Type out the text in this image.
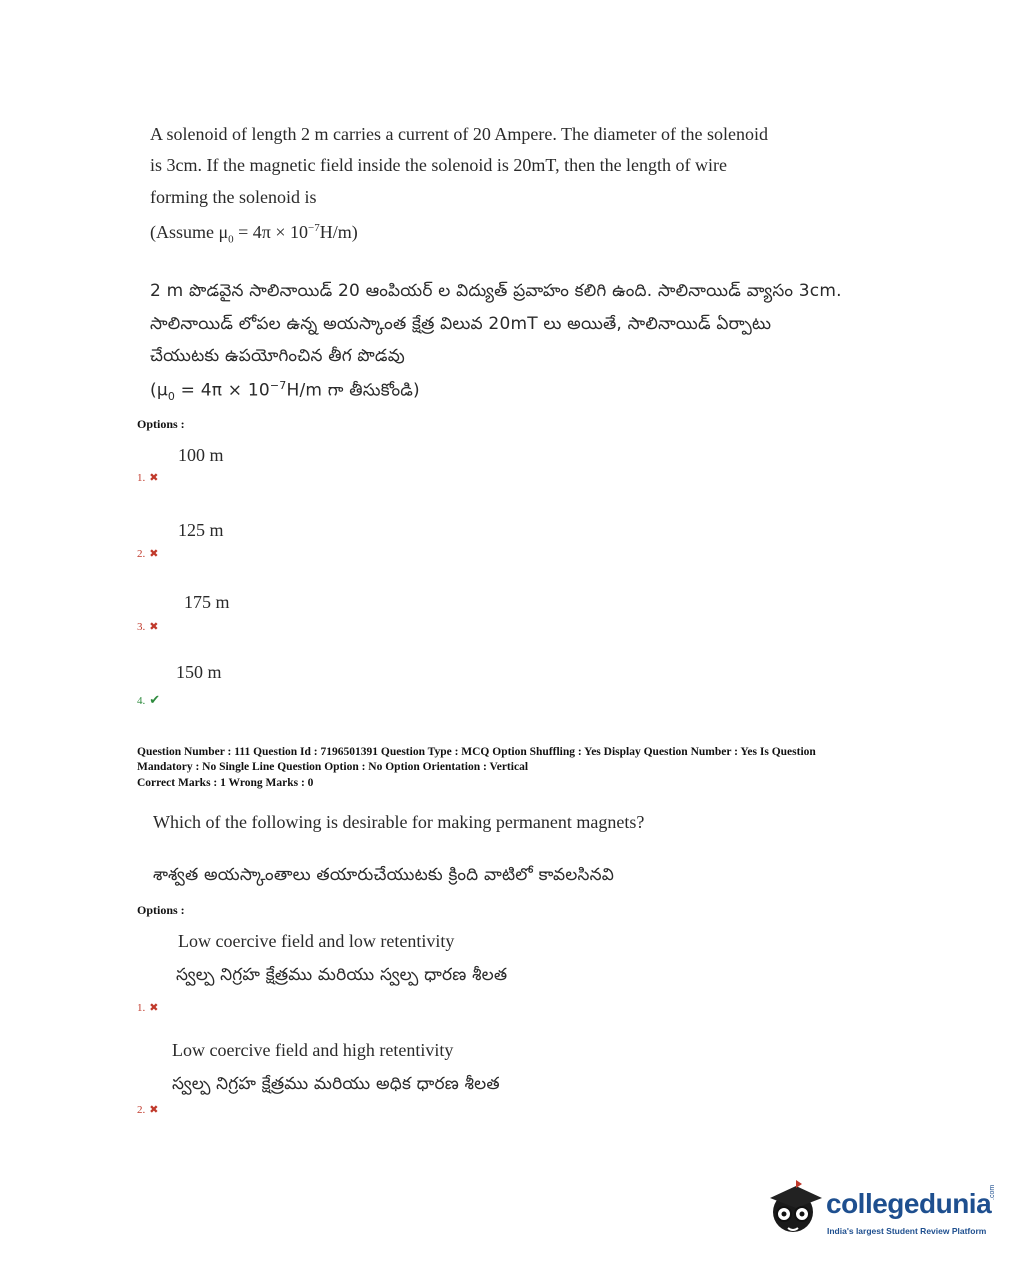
A solenoid of length 2 m carries a current of 20 Ampere. The diameter of the solenoid
is 3cm. If the magnetic field inside the solenoid is 20mT, then the length of wire
forming the solenoid is
(Assume $\mu_0 = 4\pi \times 10^{-7}H/m$)
2 m పొడవైన సాలినాయిడ్ 20 ఆంపియర్ ల విద్యుత్ ప్రవాహం కలిగి ఉంది. సాలినాయిడ్ వ్యాసం 3cm.
సాలినాయిడ్ లోపల ఉన్న అయస్కాంత క్షేత్ర విలువ 20mT లు అయితే, సాలినాయిడ్ ఏర్పాటు
చేయుటకు ఉపయోగించిన తీగ పొడవు
($\mu_0 = 4\pi \times 10^{-7}H/m$ గా తీసుకోండి)
Options :
100 m
1. ✖
125 m
2. ✖
175 m
3. ✖
150 m
4. ✔
Question Number : 111 Question Id : 7196501391 Question Type : MCQ Option Shuffling : Yes Display Question Number : Yes Is Question
Mandatory : No Single Line Question Option : No Option Orientation : Vertical
Correct Marks : 1 Wrong Marks : 0
Which of the following is desirable for making permanent magnets?
శాశ్వత అయస్కాంతాలు తయారుచేయుటకు క్రింది వాటిలో కావలసినవి
Options :
Low coercive field and low retentivity
స్వల్ప నిగ్రహ క్షేత్రము మరియు స్వల్ప ధారణ శీలత
1. ✖
Low coercive field and high retentivity
స్వల్ప నిగ్రహ క్షేత్రము మరియు అధిక ధారణ శీలత
2. ✖
collegedunia
.com
India's largest Student Review Platform
